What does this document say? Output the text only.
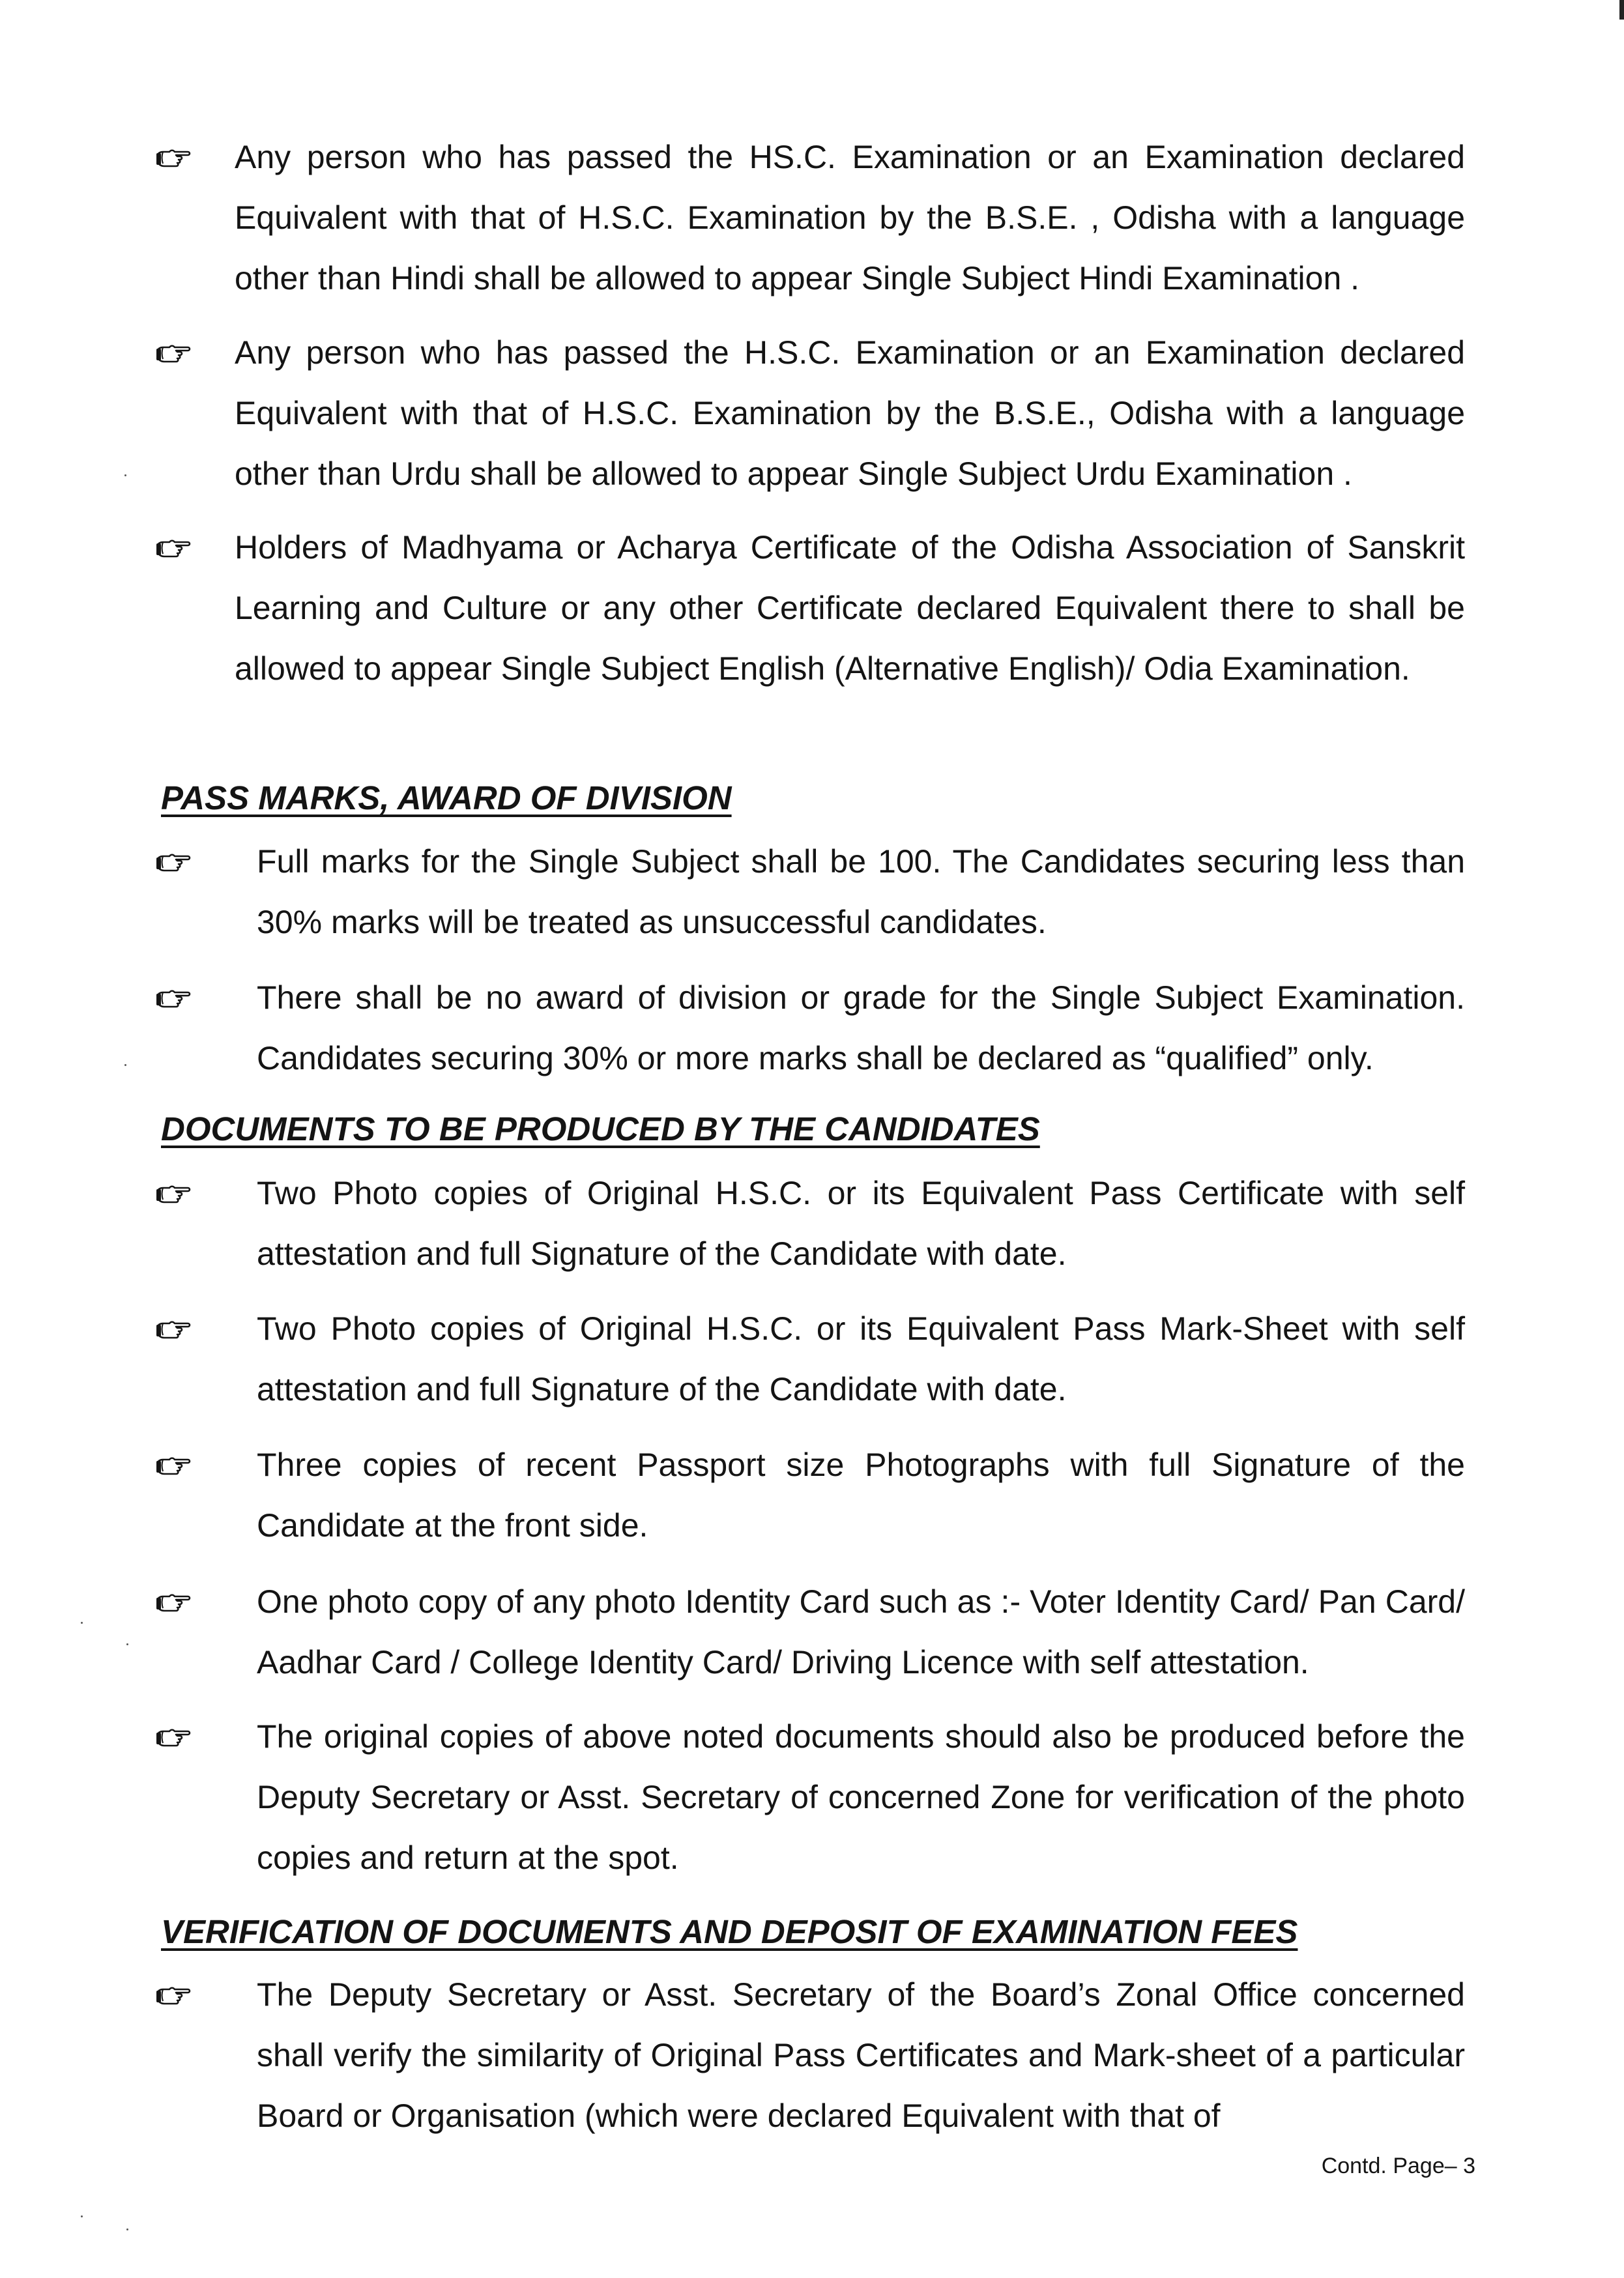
Any person who has passed the HS.C. Examination or an Examination declared Equivalent with that of H.S.C. Examination by the B.S.E. , Odisha with a language other than Hindi shall be allowed to appear Single Subject Hindi Examination .
Any person who has passed the H.S.C. Examination or an Examination declared Equivalent with that of H.S.C. Examination by the B.S.E., Odisha with a language other than Urdu shall be allowed to appear Single Subject Urdu Examination .
Holders of Madhyama or Acharya Certificate of the Odisha Association of Sanskrit Learning and Culture or any other Certificate declared Equivalent there to shall be allowed to appear Single Subject English (Alternative English)/ Odia Examination.
PASS MARKS, AWARD OF DIVISION
Full marks for the Single Subject shall be 100. The Candidates securing less than 30% marks will be treated as unsuccessful candidates.
There shall be no award of division or grade for the Single Subject Examination. Candidates securing 30% or more marks shall be declared as “qualified” only.
DOCUMENTS TO BE PRODUCED BY THE CANDIDATES
Two Photo copies of Original H.S.C. or its Equivalent Pass Certificate with self attestation and full Signature of the Candidate with date.
Two Photo copies of Original H.S.C. or its Equivalent Pass Mark-Sheet with self attestation and full Signature of the Candidate with date.
Three copies of recent Passport size Photographs with full Signature of the Candidate at the front side.
One photo copy of any photo Identity Card such as :- Voter Identity Card/ Pan Card/ Aadhar Card / College Identity Card/ Driving Licence with self attestation.
The original copies of above noted documents should also be produced before the Deputy Secretary or Asst. Secretary of concerned Zone for verification of the photo copies and return at the spot.
VERIFICATION OF DOCUMENTS AND DEPOSIT OF EXAMINATION FEES
The Deputy Secretary or Asst. Secretary of the Board’s Zonal Office concerned shall verify the similarity of Original Pass Certificates and Mark-sheet of a particular Board or Organisation (which were declared Equivalent with that of
Contd. Page– 3
